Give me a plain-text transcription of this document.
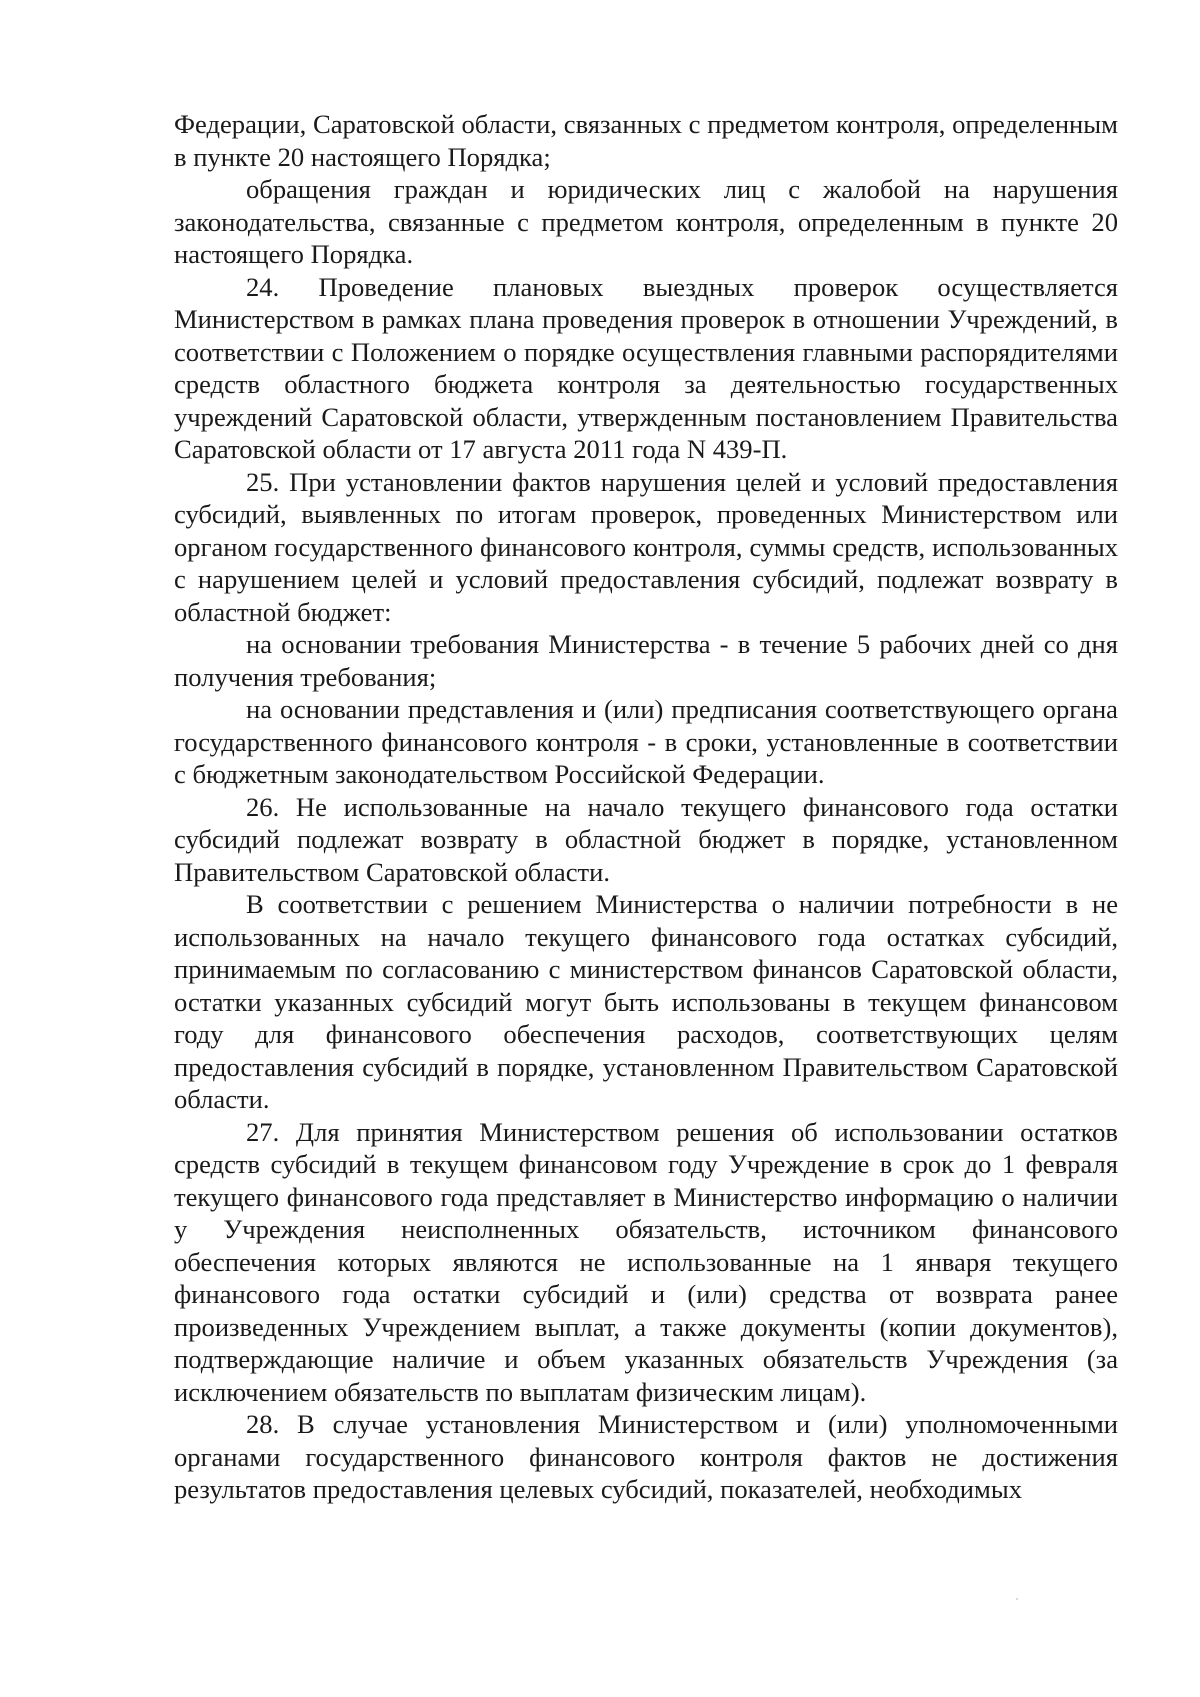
Федерации, Саратовской области, связанных с предметом контроля, определенным в пункте 20 настоящего Порядка;

обращения граждан и юридических лиц с жалобой на нарушения законодательства, связанные с предметом контроля, определенным в пункте 20 настоящего Порядка.

24. Проведение плановых выездных проверок осуществляется Министерством в рамках плана проведения проверок в отношении Учреждений, в соответствии с Положением о порядке осуществления главными распорядителями средств областного бюджета контроля за деятельностью государственных учреждений Саратовской области, утвержденным постановлением Правительства Саратовской области от 17 августа 2011 года N 439-П.

25. При установлении фактов нарушения целей и условий предоставления субсидий, выявленных по итогам проверок, проведенных Министерством или органом государственного финансового контроля, суммы средств, использованных с нарушением целей и условий предоставления субсидий, подлежат возврату в областной бюджет:

на основании требования Министерства - в течение 5 рабочих дней со дня получения требования;

на основании представления и (или) предписания соответствующего органа государственного финансового контроля - в сроки, установленные в соответствии с бюджетным законодательством Российской Федерации.

26. Не использованные на начало текущего финансового года остатки субсидий подлежат возврату в областной бюджет в порядке, установленном Правительством Саратовской области.

В соответствии с решением Министерства о наличии потребности в не использованных на начало текущего финансового года остатках субсидий, принимаемым по согласованию с министерством финансов Саратовской области, остатки указанных субсидий могут быть использованы в текущем финансовом году для финансового обеспечения расходов, соответствующих целям предоставления субсидий в порядке, установленном Правительством Саратовской области.

27. Для принятия Министерством решения об использовании остатков средств субсидий в текущем финансовом году Учреждение в срок до 1 февраля текущего финансового года представляет в Министерство информацию о наличии у Учреждения неисполненных обязательств, источником финансового обеспечения которых являются не использованные на 1 января текущего финансового года остатки субсидий и (или) средства от возврата ранее произведенных Учреждением выплат, а также документы (копии документов), подтверждающие наличие и объем указанных обязательств Учреждения (за исключением обязательств по выплатам физическим лицам).

28. В случае установления Министерством и (или) уполномоченными органами государственного финансового контроля фактов не достижения результатов предоставления целевых субсидий, показателей, необходимых
